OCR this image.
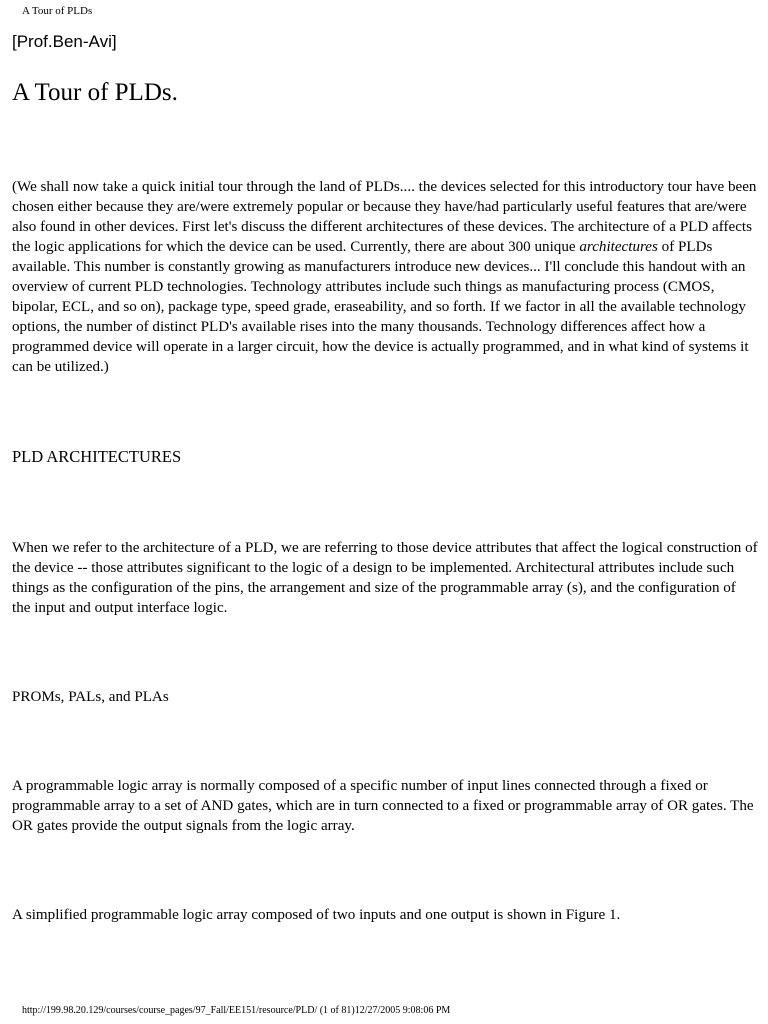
A Tour of PLDs
[Prof.Ben-Avi]
A Tour of PLDs.

(We shall now take a quick initial tour through the land of PLDs.... the devices selected for this introductory tour have been chosen either because they are/were extremely popular or because they have/had particularly useful features that are/were also found in other devices. First let's discuss the different architectures of these devices. The architecture of a PLD affects the logic applications for which the device can be used. Currently, there are about 300 unique architectures of PLDs available. This number is constantly growing as manufacturers introduce new devices... I'll conclude this handout with an overview of current PLD technologies. Technology attributes include such things as manufacturing process (CMOS, bipolar, ECL, and so on), package type, speed grade, eraseability, and so forth. If we factor in all the available technology options, the number of distinct PLD's available rises into the many thousands. Technology differences affect how a programmed device will operate in a larger circuit, how the device is actually programmed, and in what kind of systems it can be utilized.)

PLD ARCHITECTURES

When we refer to the architecture of a PLD, we are referring to those device attributes that affect the logical construction of the device -- those attributes significant to the logic of a design to be implemented. Architectural attributes include such things as the configuration of the pins, the arrangement and size of the programmable array (s), and the configuration of the input and output interface logic.

PROMs, PALs, and PLAs

A programmable logic array is normally composed of a specific number of input lines connected through a fixed or programmable array to a set of AND gates, which are in turn connected to a fixed or programmable array of OR gates. The OR gates provide the output signals from the logic array.

A simplified programmable logic array composed of two inputs and one output is shown in Figure 1.

http://199.98.20.129/courses/course_pages/97_Fall/EE151/resource/PLD/ (1 of 81)12/27/2005 9:08:06 PM
